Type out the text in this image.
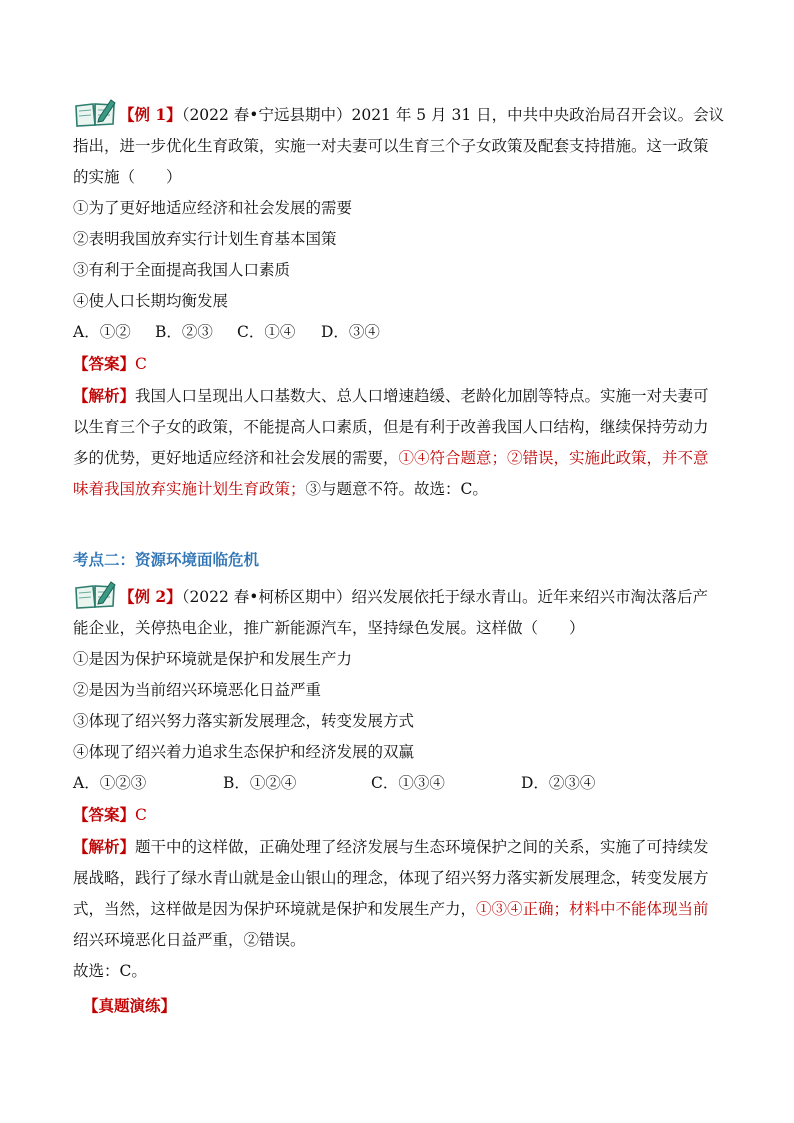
【例 1】（2022 春•宁远县期中）2021 年 5 月 31 日，中共中央政治局召开会议。会议
指出，进一步优化生育政策，实施一对夫妻可以生育三个子女政策及配套支持措施。这一政策
的实施（　　）
①为了更好地适应经济和社会发展的需要
②表明我国放弃实行计划生育基本国策
③有利于全面提高我国人口素质
④使人口长期均衡发展
A．①② B．②③ C．①④ D．③④
【答案】C
【解析】我国人口呈现出人口基数大、总人口增速趋缓、老龄化加剧等特点。实施一对夫妻可
以生育三个子女的政策，不能提高人口素质，但是有利于改善我国人口结构，继续保持劳动力
多的优势，更好地适应经济和社会发展的需要，①④符合题意；②错误，实施此政策，并不意
味着我国放弃实施计划生育政策；③与题意不符。故选：C。
考点二：资源环境面临危机
【例 2】（2022 春•柯桥区期中）绍兴发展依托于绿水青山。近年来绍兴市淘汰落后产
能企业，关停热电企业，推广新能源汽车，坚持绿色发展。这样做（　　）
①是因为保护环境就是保护和发展生产力
②是因为当前绍兴环境恶化日益严重
③体现了绍兴努力落实新发展理念，转变发展方式
④体现了绍兴着力追求生态保护和经济发展的双赢
A．①②③	B．①②④	C．①③④	D．②③④
【答案】C
【解析】题干中的这样做，正确处理了经济发展与生态环境保护之间的关系，实施了可持续发
展战略，践行了绿水青山就是金山银山的理念，体现了绍兴努力落实新发展理念，转变发展方
式，当然，这样做是因为保护环境就是保护和发展生产力，①③④正确；材料中不能体现当前
绍兴环境恶化日益严重，②错误。
故选：C。
【真题演练】
